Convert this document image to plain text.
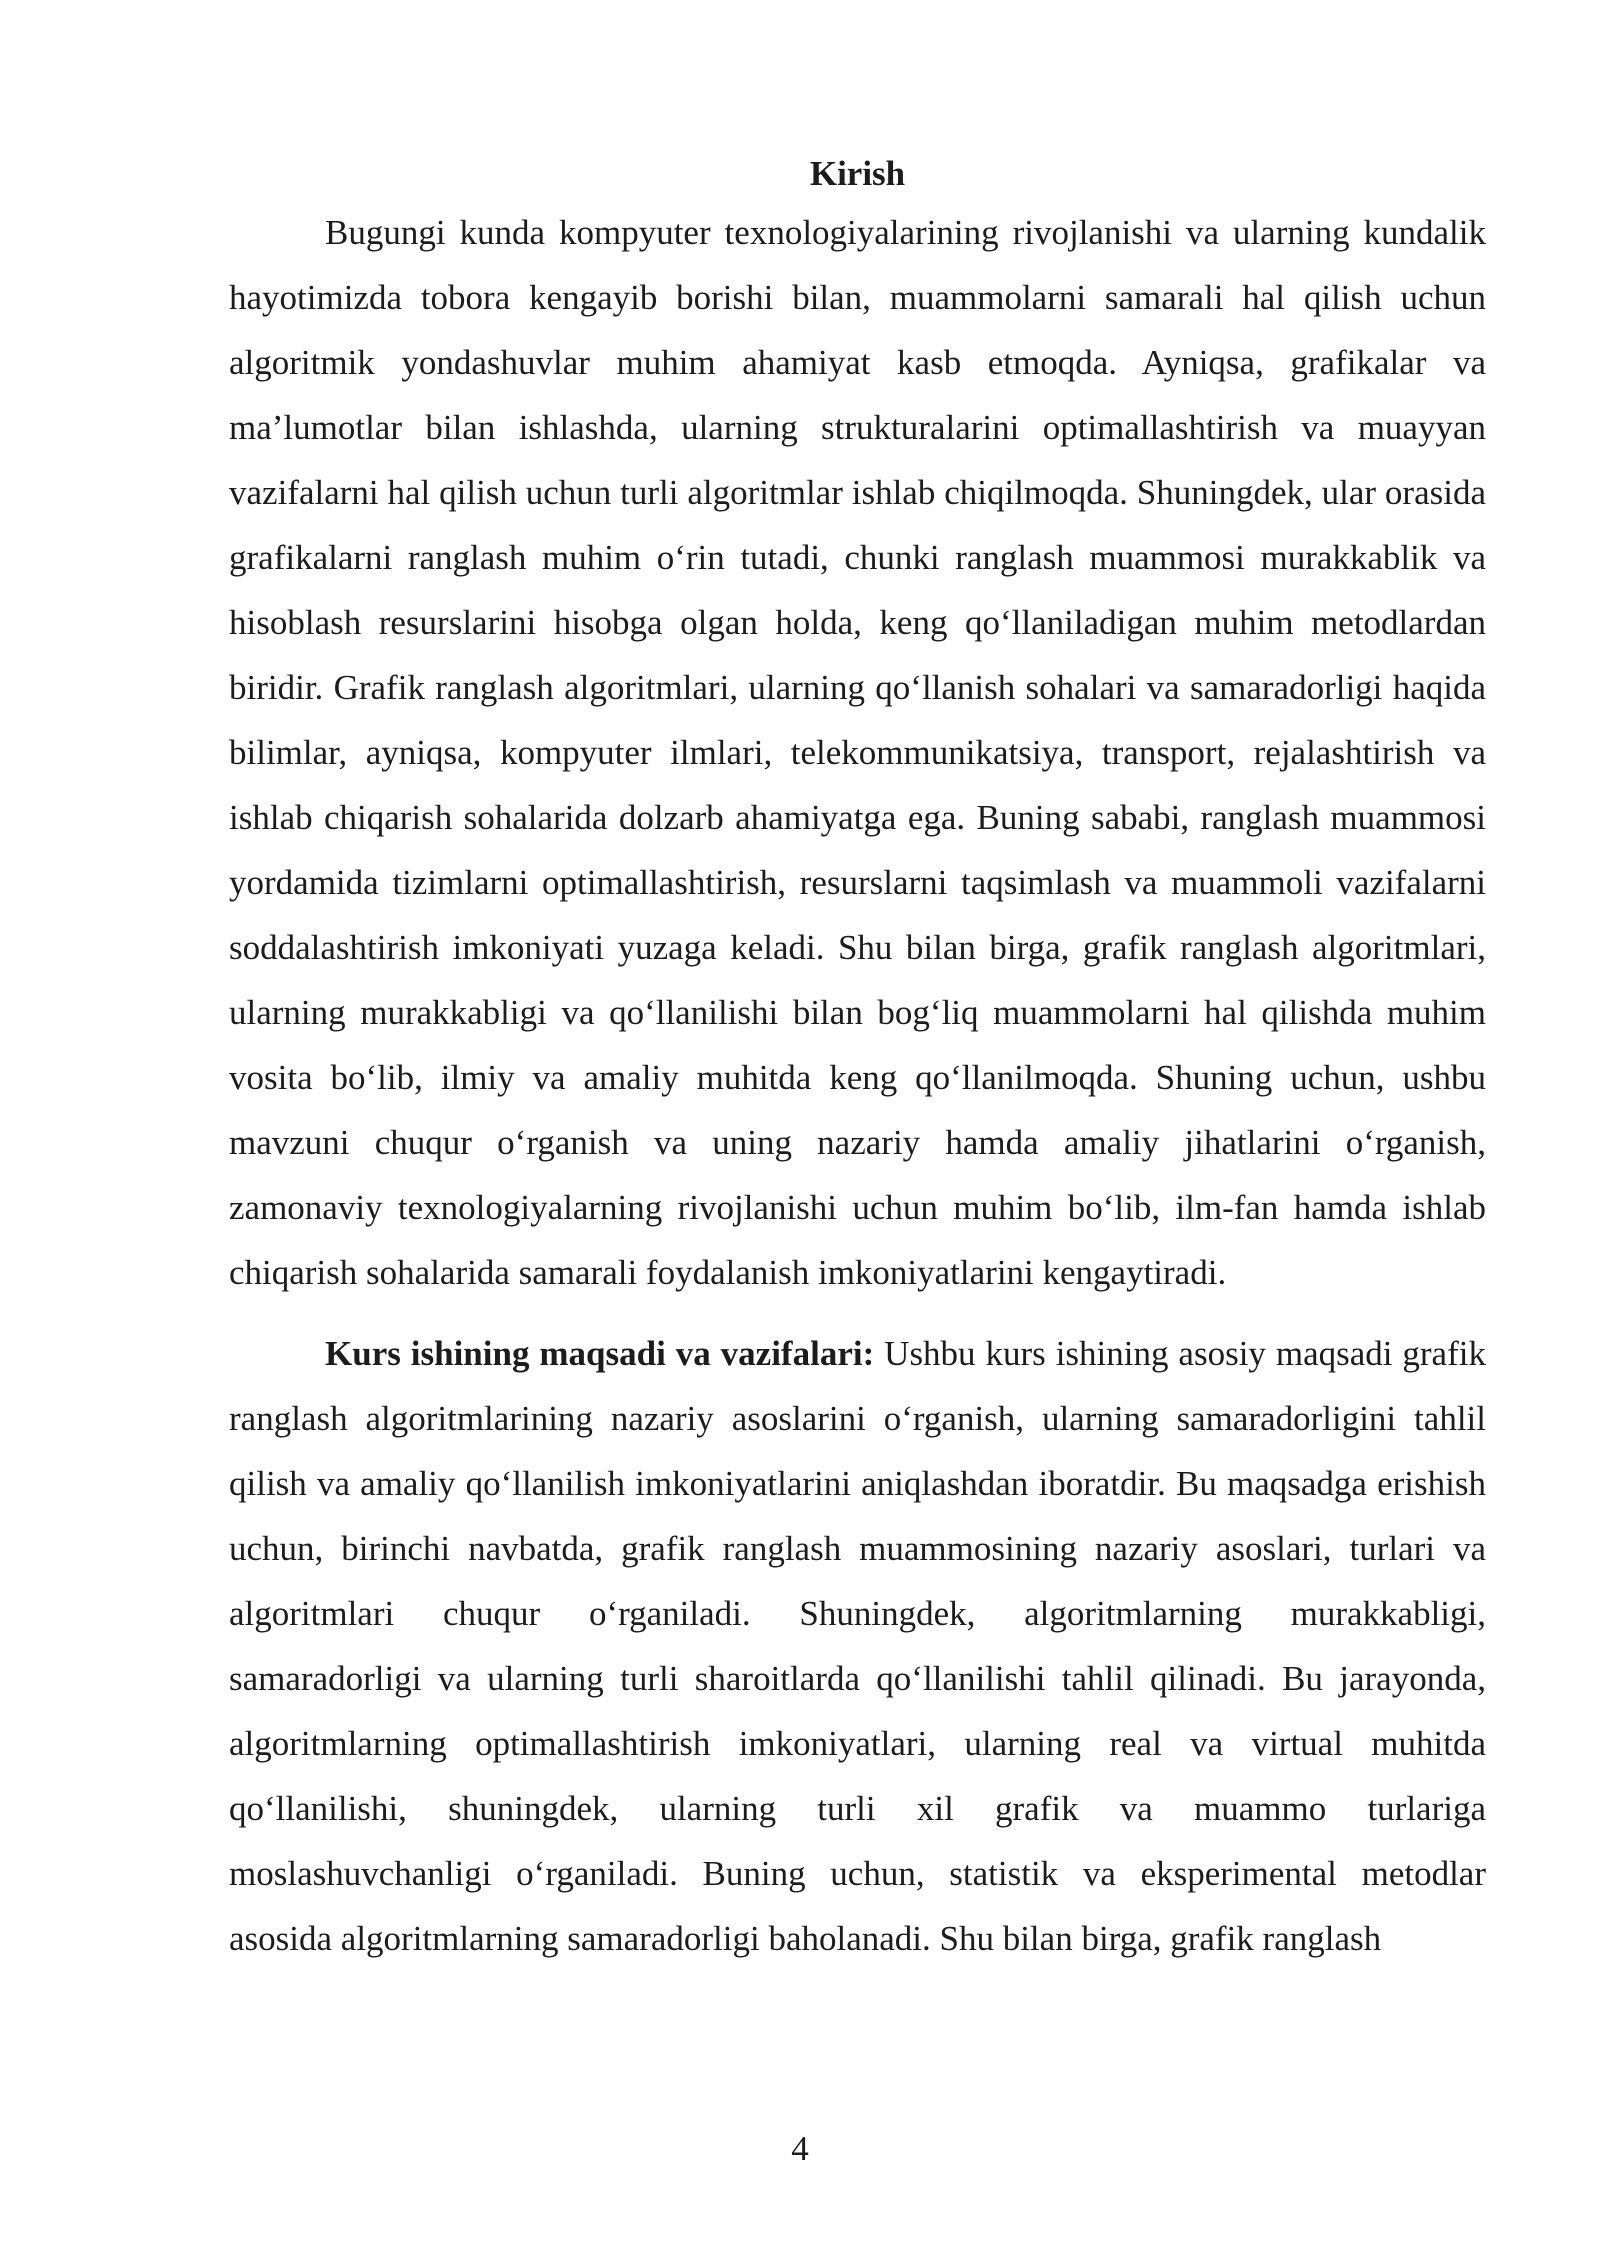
Kirish

Bugungi kunda kompyuter texnologiyalarining rivojlanishi va ularning kundalik hayotimizda tobora kengayib borishi bilan, muammolarni samarali hal qilish uchun algoritmik yondashuvlar muhim ahamiyat kasb etmoqda. Ayniqsa, grafikalar va ma’lumotlar bilan ishlashda, ularning strukturalarini optimallashtirish va muayyan vazifalarni hal qilish uchun turli algoritmlar ishlab chiqilmoqda. Shuningdek, ular orasida grafikalarni ranglash muhim o‘rin tutadi, chunki ranglash muammosi murakkablik va hisoblash resurslarini hisobga olgan holda, keng qo‘llaniladigan muhim metodlardan biridir. Grafik ranglash algoritmlari, ularning qo‘llanish sohalari va samaradorligi haqida bilimlar, ayniqsa, kompyuter ilmlari, telekommunikatsiya, transport, rejalashtirish va ishlab chiqarish sohalarida dolzarb ahamiyatga ega. Buning sababi, ranglash muammosi yordamida tizimlarni optimallashtirish, resurslarni taqsimlash va muammoli vazifalarni soddalashtirish imkoniyati yuzaga keladi. Shu bilan birga, grafik ranglash algoritmlari, ularning murakkabligi va qo‘llanilishi bilan bog‘liq muammolarni hal qilishda muhim vosita bo‘lib, ilmiy va amaliy muhitda keng qo‘llanilmoqda. Shuning uchun, ushbu mavzuni chuqur o‘rganish va uning nazariy hamda amaliy jihatlarini o‘rganish, zamonaviy texnologiyalarning rivojlanishi uchun muhim bo‘lib, ilm-fan hamda ishlab chiqarish sohalarida samarali foydalanish imkoniyatlarini kengaytiradi.

Kurs ishining maqsadi va vazifalari: Ushbu kurs ishining asosiy maqsadi grafik ranglash algoritmlarining nazariy asoslarini o‘rganish, ularning samaradorligini tahlil qilish va amaliy qo‘llanilish imkoniyatlarini aniqlashdan iboratdir. Bu maqsadga erishish uchun, birinchi navbatda, grafik ranglash muammosining nazariy asoslari, turlari va algoritmlari chuqur o‘rganiladi. Shuningdek, algoritmlarning murakkabligi, samaradorligi va ularning turli sharoitlarda qo‘llanilishi tahlil qilinadi. Bu jarayonda, algoritmlarning optimallashtirish imkoniyatlari, ularning real va virtual muhitda qo‘llanilishi, shuningdek, ularning turli xil grafik va muammo turlariga moslashuvchanligi o‘rganiladi. Buning uchun, statistik va eksperimental metodlar asosida algoritmlarning samaradorligi baholanadi. Shu bilan birga, grafik ranglash

4
